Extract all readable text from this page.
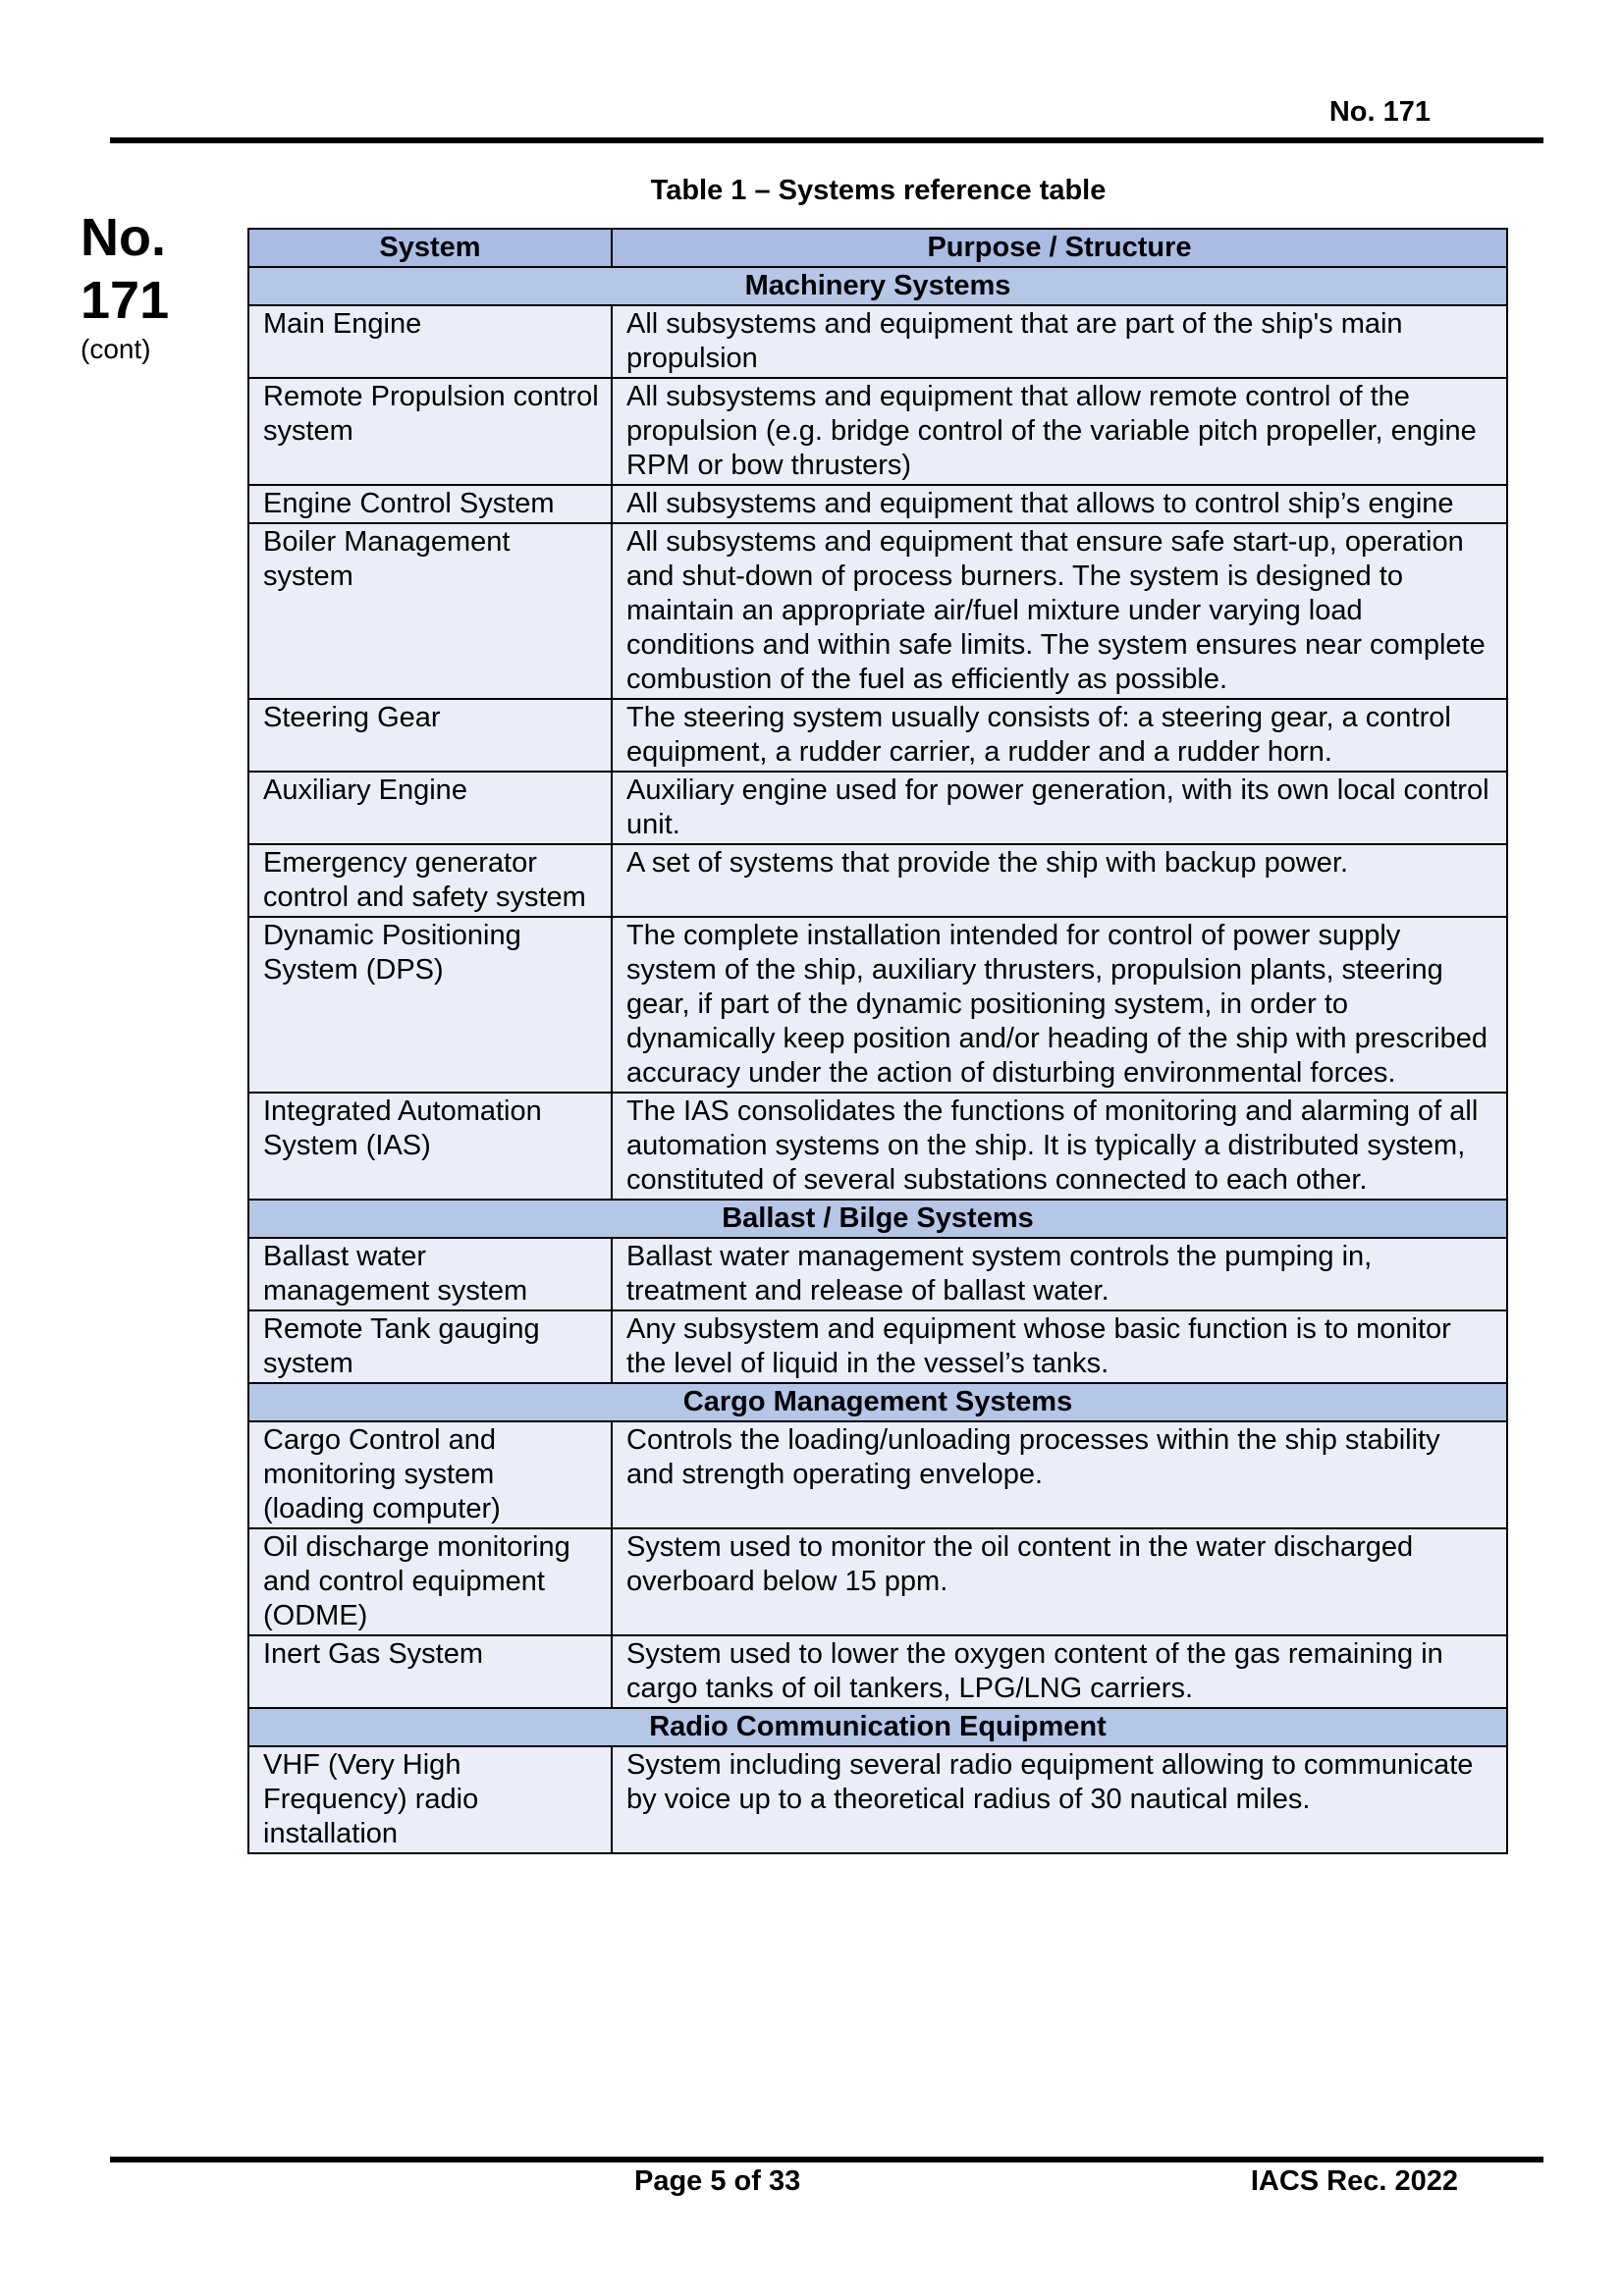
No. 171
No.
171
(cont)
Table 1 – Systems reference table
System	Purpose / Structure
Machinery Systems	
Main Engine	All subsystems and equipment that are part of the ship's main propulsion
Remote Propulsion control system	All subsystems and equipment that allow remote control of the propulsion (e.g. bridge control of the variable pitch propeller, engine RPM or bow thrusters)
Engine Control System	All subsystems and equipment that allows to control ship’s engine
Boiler Management system	All subsystems and equipment that ensure safe start-up, operation and shut-down of process burners. The system is designed to maintain an appropriate air/fuel mixture under varying load conditions and within safe limits. The system ensures near complete combustion of the fuel as efficiently as possible.
Steering Gear	The steering system usually consists of: a steering gear, a control equipment, a rudder carrier, a rudder and a rudder horn.
Auxiliary Engine	Auxiliary engine used for power generation, with its own local control unit.
Emergency generator control and safety system	A set of systems that provide the ship with backup power.
Dynamic Positioning System (DPS)	The complete installation intended for control of power supply system of the ship, auxiliary thrusters, propulsion plants, steering gear, if part of the dynamic positioning system, in order to dynamically keep position and/or heading of the ship with prescribed accuracy under the action of disturbing environmental forces.
Integrated Automation System (IAS)	The IAS consolidates the functions of monitoring and alarming of all automation systems on the ship. It is typically a distributed system, constituted of several substations connected to each other.
Ballast / Bilge Systems	
Ballast water management system	Ballast water management system controls the pumping in, treatment and release of ballast water.
Remote Tank gauging system	Any subsystem and equipment whose basic function is to monitor the level of liquid in the vessel’s tanks.
Cargo Management Systems	
Cargo Control and monitoring system (loading computer)	Controls the loading/unloading processes within the ship stability and strength operating envelope.
Oil discharge monitoring and control equipment (ODME)	System used to monitor the oil content in the water discharged overboard below 15 ppm.
Inert Gas System	System used to lower the oxygen content of the gas remaining in cargo tanks of oil tankers, LPG/LNG carriers.
Radio Communication Equipment	
VHF (Very High Frequency) radio installation	System including several radio equipment allowing to communicate by voice up to a theoretical radius of 30 nautical miles.
Page 5 of 33	IACS Rec. 2022
